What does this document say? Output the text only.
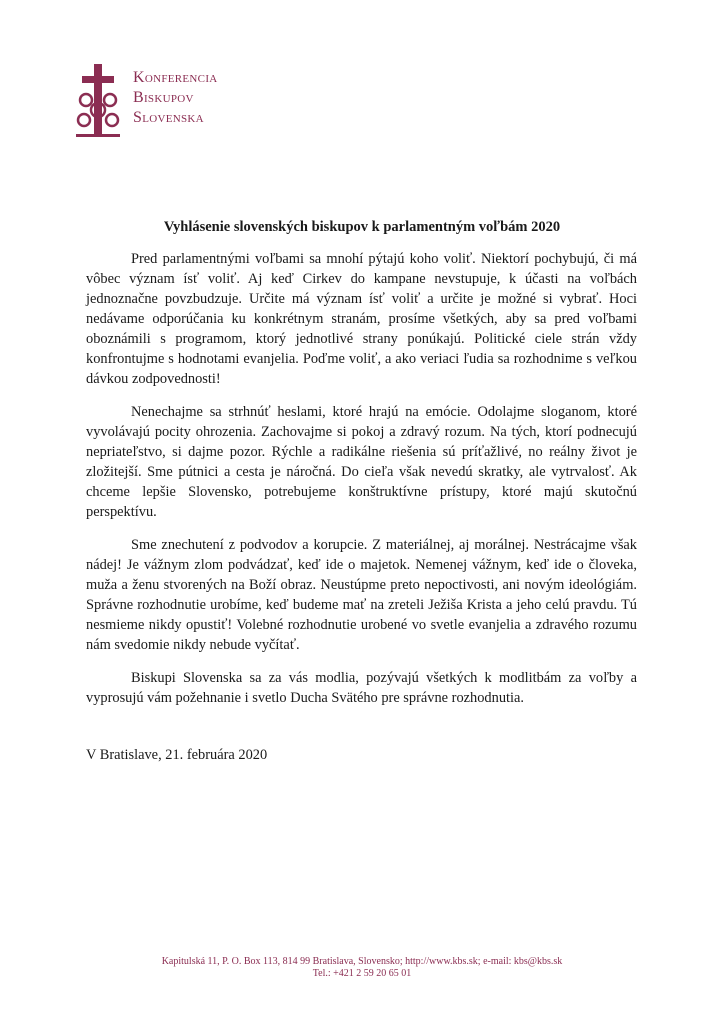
Konferencia
Biskupov
Slovenska
Vyhlásenie slovenských biskupov k parlamentným voľbám 2020

Pred parlamentnými voľbami sa mnohí pýtajú koho voliť. Niektorí pochybujú, či má vôbec význam ísť voliť. Aj keď Cirkev do kampane nevstupuje, k účasti na voľbách jednoznačne povzbudzuje. Určite má význam ísť voliť a určite je možné si vybrať. Hoci nedávame odporúčania ku konkrétnym stranám, prosíme všetkých, aby sa pred voľbami oboznámili s programom, ktorý jednotlivé strany ponúkajú. Politické ciele strán vždy konfrontujme s hodnotami evanjelia. Poďme voliť, a ako veriaci ľudia sa rozhodnime s veľkou dávkou zodpovednosti!

Nenechajme sa strhnúť heslami, ktoré hrajú na emócie. Odolajme sloganom, ktoré vyvolávajú pocity ohrozenia. Zachovajme si pokoj a zdravý rozum. Na tých, ktorí podnecujú nepriateľstvo, si dajme pozor. Rýchle a radikálne riešenia sú príťažlivé, no reálny život je zložitejší. Sme pútnici a cesta je náročná. Do cieľa však nevedú skratky, ale vytrvalosť. Ak chceme lepšie Slovensko, potrebujeme konštruktívne prístupy, ktoré majú skutočnú perspektívu.

Sme znechutení z podvodov a korupcie. Z materiálnej, aj morálnej. Nestrácajme však nádej! Je vážnym zlom podvádzať, keď ide o majetok. Nemenej vážnym, keď ide o človeka, muža a ženu stvorených na Boží obraz. Neustúpme preto nepoctivosti, ani novým ideológiám. Správne rozhodnutie urobíme, keď budeme mať na zreteli Ježiša Krista a jeho celú pravdu. Tú nesmieme nikdy opustiť! Volebné rozhodnutie urobené vo svetle evanjelia a zdravého rozumu nám svedomie nikdy nebude vyčítať.

Biskupi Slovenska sa za vás modlia, pozývajú všetkých k modlitbám za voľby a vyprosujú vám požehnanie i svetlo Ducha Svätého pre správne rozhodnutia.

V Bratislave, 21. februára 2020
Kapitulská 11, P. O. Box 113, 814 99 Bratislava, Slovensko; http://www.kbs.sk; e-mail: kbs@kbs.sk
Tel.: +421 2 59 20 65 01
